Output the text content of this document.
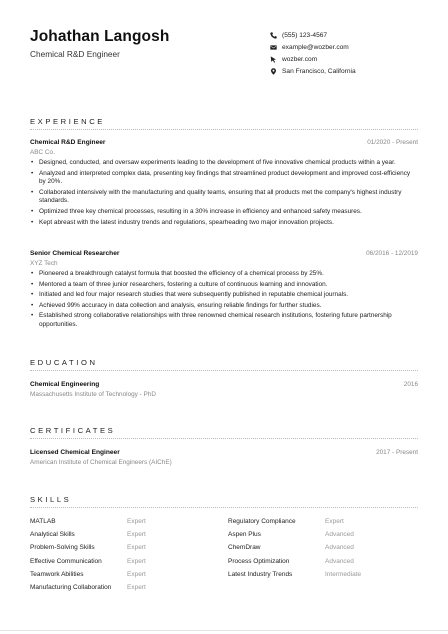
Johathan Langosh
Chemical R&D Engineer
(555) 123-4567
example@wozber.com
wozber.com
San Francisco, California
EXPERIENCE
Chemical R&D Engineer	01/2020 - Present
ABC Co.
• Designed, conducted, and oversaw experiments leading to the development of five innovative chemical products within a year.
• Analyzed and interpreted complex data, presenting key findings that streamlined product development and improved cost-efficiency by 20%.
• Collaborated intensively with the manufacturing and quality teams, ensuring that all products met the company's highest industry standards.
• Optimized three key chemical processes, resulting in a 30% increase in efficiency and enhanced safety measures.
• Kept abreast with the latest industry trends and regulations, spearheading two major innovation projects.
Senior Chemical Researcher	06/2016 - 12/2019
XYZ Tech
• Pioneered a breakthrough catalyst formula that boosted the efficiency of a chemical process by 25%.
• Mentored a team of three junior researchers, fostering a culture of continuous learning and innovation.
• Initiated and led four major research studies that were subsequently published in reputable chemical journals.
• Achieved 99% accuracy in data collection and analysis, ensuring reliable findings for further studies.
• Established strong collaborative relationships with three renowned chemical research institutions, fostering future partnership opportunities.
EDUCATION
Chemical Engineering	2016
Massachusetts Institute of Technology - PhD
CERTIFICATES
Licensed Chemical Engineer	2017 - Present
American Institute of Chemical Engineers (AIChE)
SKILLS
MATLAB	Expert	Regulatory Compliance	Expert
Analytical Skills	Expert	Aspen Plus	Advanced
Problem-Solving Skills	Expert	ChemDraw	Advanced
Effective Communication	Expert	Process Optimization	Advanced
Teamwork Abilities	Expert	Latest Industry Trends	Intermediate
Manufacturing Collaboration Expert
